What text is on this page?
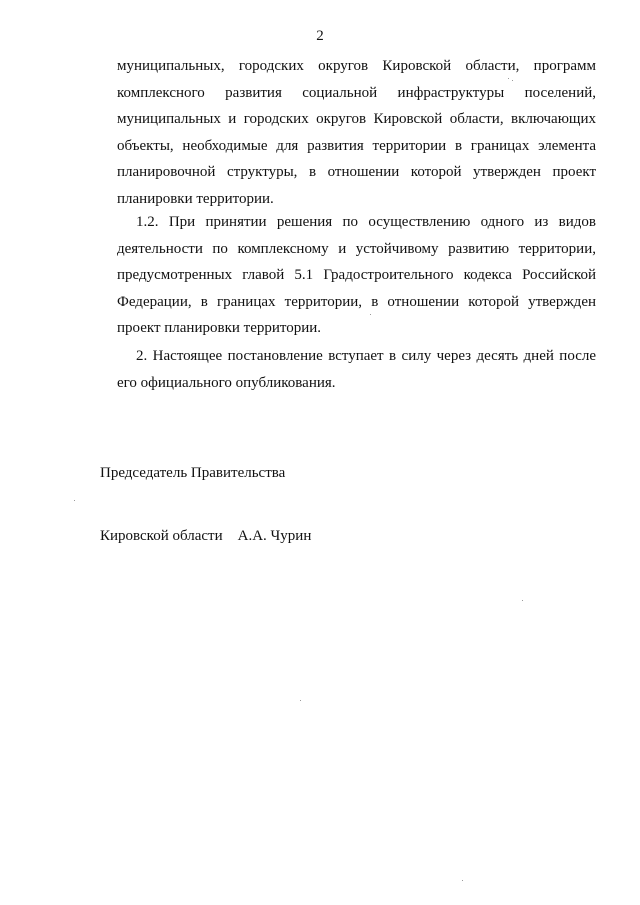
2

муниципальных, городских округов Кировской области, программ комплексного развития социальной инфраструктуры поселений, муниципальных и городских округов Кировской области, включающих объекты, необходимые для развития территории в границах элемента планировочной структуры, в отношении которой утвержден проект планировки территории.

1.2. При принятии решения по осуществлению одного из видов деятельности по комплексному и устойчивому развитию территории, предусмотренных главой 5.1 Градостроительного кодекса Российской Федерации, в границах территории, в отношении которой утвержден проект планировки территории.

2. Настоящее постановление вступает в силу через десять дней после его официального опубликования.

Председатель Правительства

Кировской области    А.А. Чурин
